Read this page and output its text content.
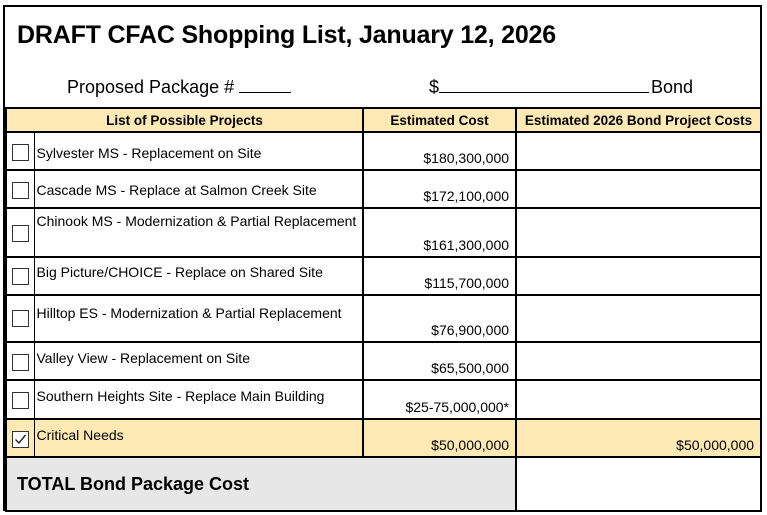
DRAFT CFAC Shopping List, January 12, 2026
Proposed Package #	$	Bond
List of Possible Projects		Estimated Cost	Estimated 2026 Bond Project Costs

	Sylvester MS - Replacement on Site	$180,300,000	

	Cascade MS - Replace at Salmon Creek Site	$172,100,000	

	Chinook MS - Modernization & Partial Replacement	$161,300,000	

	Big Picture/CHOICE - Replace on Shared Site	$115,700,000	

	Hilltop ES - Modernization & Partial Replacement	$76,900,000	

	Valley View - Replacement on Site	$65,500,000	

	Southern Heights Site - Replace Main Building	$25-75,000,000*	

	Critical Needs	$50,000,000	$50,000,000
TOTAL Bond Package Cost			
